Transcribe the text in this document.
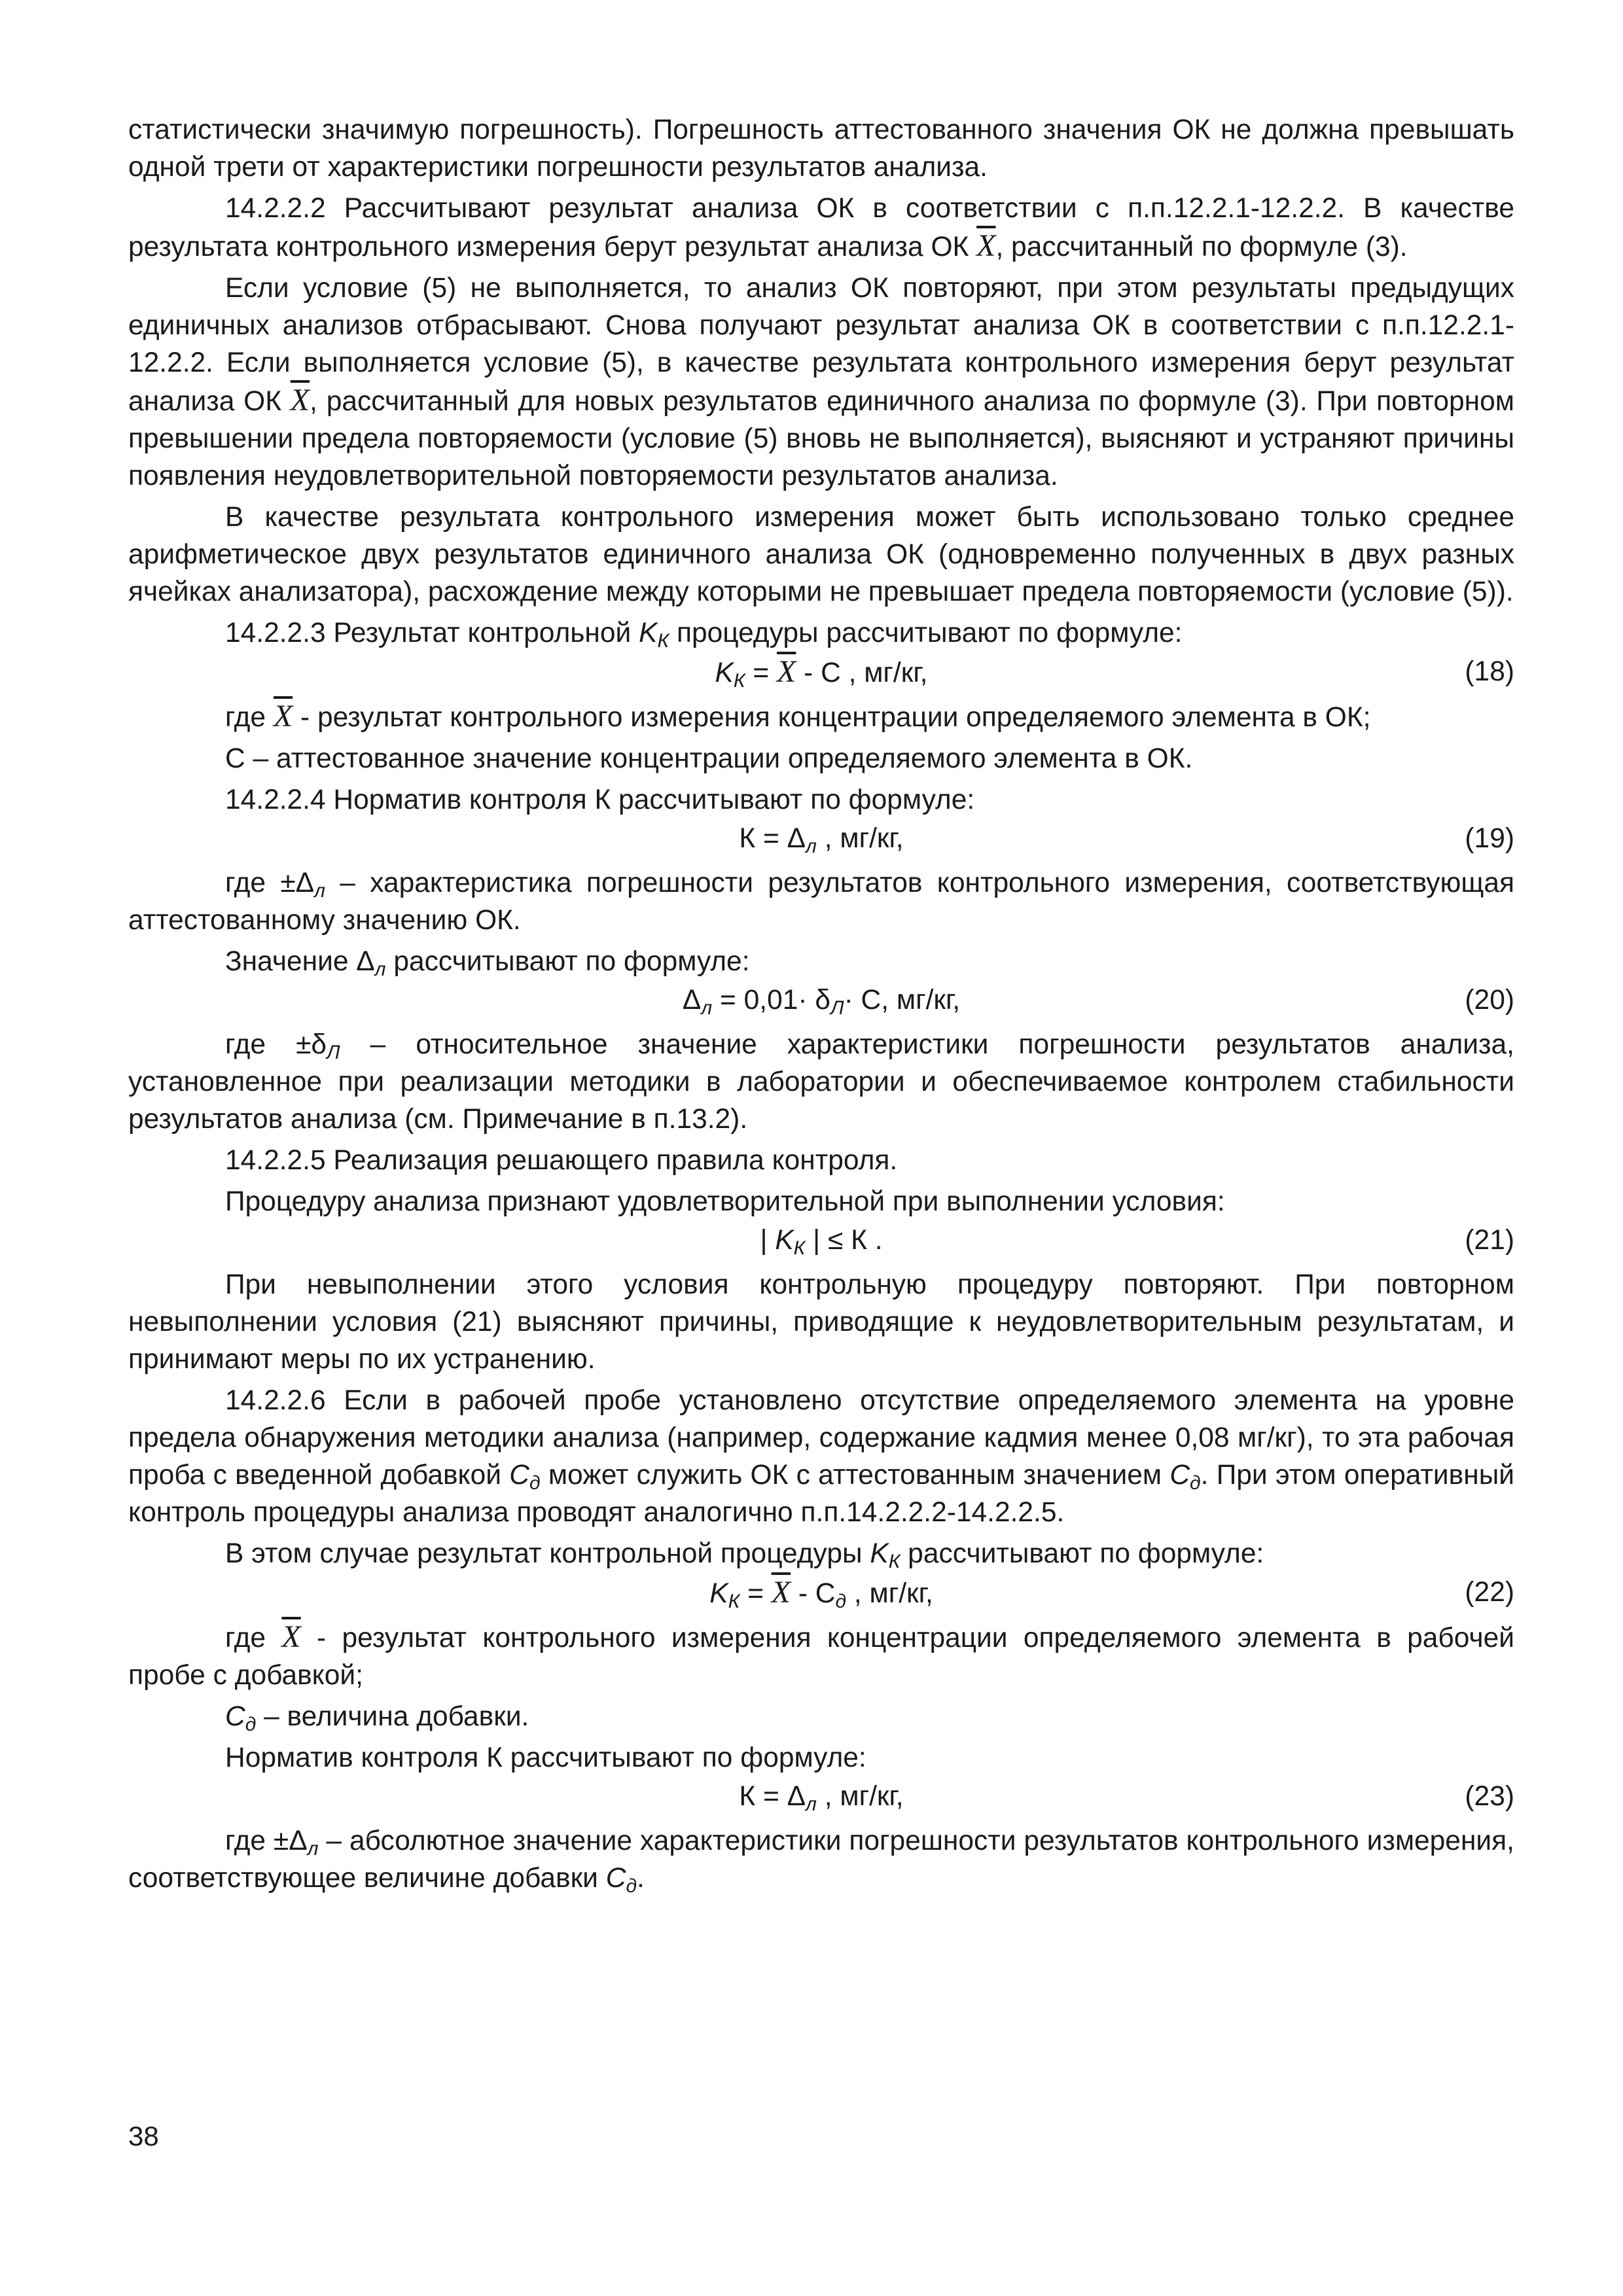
статистически значимую погрешность). Погрешность аттестованного значения ОК не должна превышать одной трети от характеристики погрешности результатов анализа.

14.2.2.2 Рассчитывают результат анализа ОК в соответствии с п.п.12.2.1-12.2.2. В качестве результата контрольного измерения берут результат анализа ОК $\overline{X}$, рассчитанный по формуле (3).

Если условие (5) не выполняется, то анализ ОК повторяют, при этом результаты предыдущих единичных анализов отбрасывают. Снова получают результат анализа ОК в соответствии с п.п.12.2.1-12.2.2. Если выполняется условие (5), в качестве результата контрольного измерения берут результат анализа ОК $\overline{X}$, рассчитанный для новых результатов единичного анализа по формуле (3). При повторном превышении предела повторяемости (условие (5) вновь не выполняется), выясняют и устраняют причины появления неудовлетворительной повторяемости результатов анализа.

В качестве результата контрольного измерения может быть использовано только среднее арифметическое двух результатов единичного анализа ОК (одновременно полученных в двух разных ячейках анализатора), расхождение между которыми не превышает предела повторяемости (условие (5)).

14.2.2.3 Результат контрольной $K_К$ процедуры рассчитывают по формуле:

$K_К = \overline{X} - С$ , мг/кг,	(18)

где $\overline{X}$ - результат контрольного измерения концентрации определяемого элемента в ОК;

С – аттестованное значение концентрации определяемого элемента в ОК.

14.2.2.4 Норматив контроля К рассчитывают по формуле:

$К = \Delta_л$ , мг/кг,	(19)

где $\pm\Delta_л$ – характеристика погрешности результатов контрольного измерения, соответствующая аттестованному значению ОК.

Значение $\Delta_л$ рассчитывают по формуле:

$\Delta_л = 0,01\cdot \delta_Л\cdot С$, мг/кг,	(20)

где $\pm\delta_Л$ – относительное значение характеристики погрешности результатов анализа, установленное при реализации методики в лаборатории и обеспечиваемое контролем стабильности результатов анализа (см. Примечание в п.13.2).

14.2.2.5 Реализация решающего правила контроля.

Процедуру анализа признают удовлетворительной при выполнении условия:

| $K_К$ | ≤ К .	(21)

При невыполнении этого условия контрольную процедуру повторяют. При повторном невыполнении условия (21) выясняют причины, приводящие к неудовлетворительным результатам, и принимают меры по их устранению.

14.2.2.6 Если в рабочей пробе установлено отсутствие определяемого элемента на уровне предела обнаружения методики анализа (например, содержание кадмия менее 0,08 мг/кг), то эта рабочая проба с введенной добавкой $С_д$ может служить ОК с аттестованным значением $С_д$. При этом оперативный контроль процедуры анализа проводят аналогично п.п.14.2.2.2-14.2.2.5.

В этом случае результат контрольной процедуры $K_К$ рассчитывают по формуле:

$K_К = \overline{X} - С_д$ , мг/кг,	(22)

где $\overline{X}$ - результат контрольного измерения концентрации определяемого элемента в рабочей пробе с добавкой;

$С_д$ – величина добавки.

Норматив контроля К рассчитывают по формуле:

$К = \Delta_л$ , мг/кг,	(23)

где $\pm\Delta_л$ – абсолютное значение характеристики погрешности результатов контрольного измерения, соответствующее величине добавки $С_д$.

38
